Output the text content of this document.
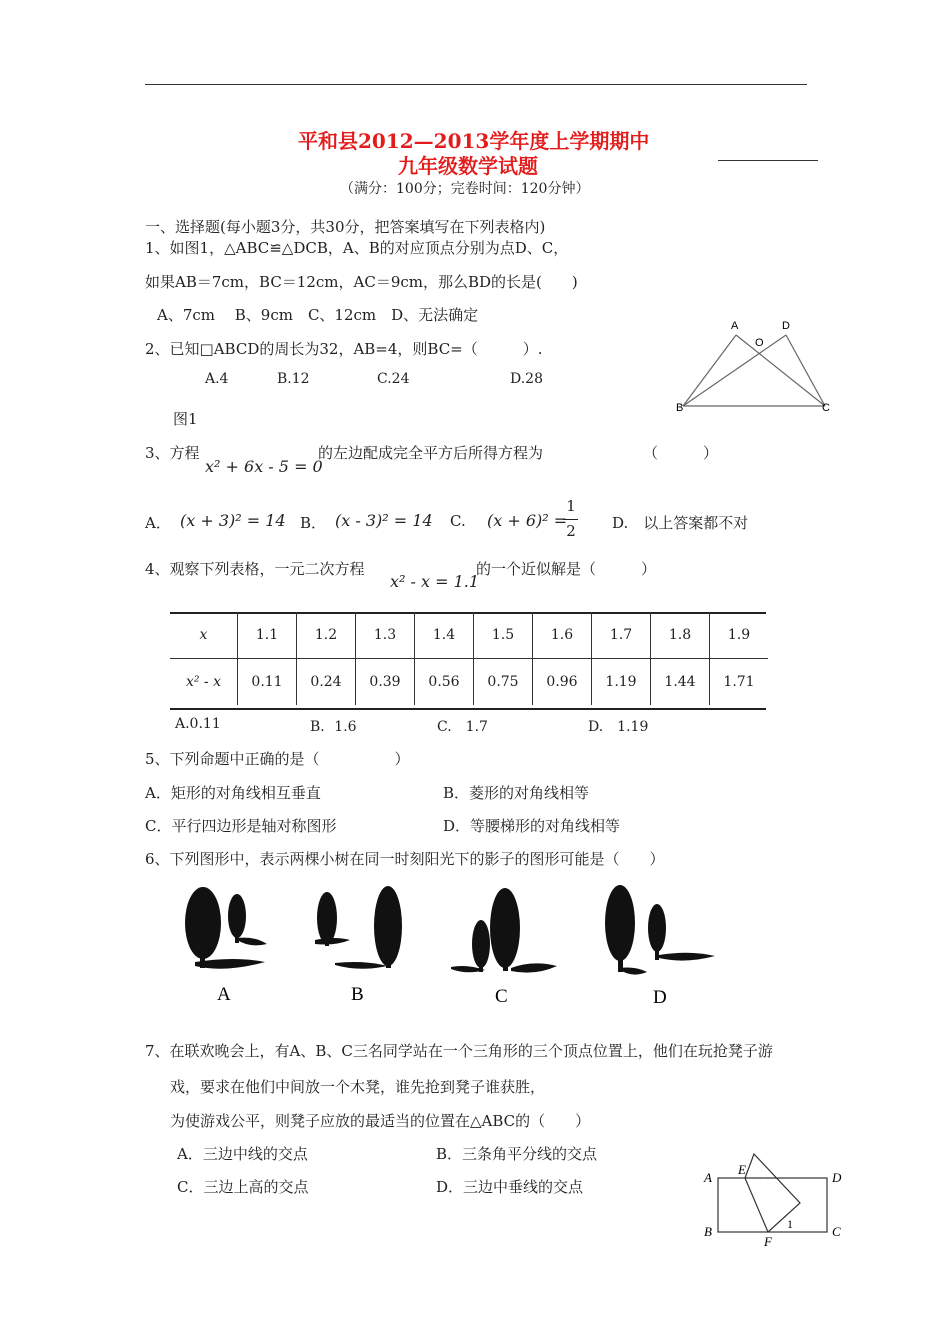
平和县2012—2013学年度上学期期中
九年级数学试题
（满分：100分；完卷时间：120分钟）
一、选择题(每小题3分，共30分，把答案填写在下列表格内)
1、如图1，△ABC≌△DCB，A、B的对应顶点分别为点D、C，
如果AB＝7cm，BC＝12cm，AC＝9cm，那么BD的长是(　　)
A、7cm　 B、9cm　C、12cm　D、无法确定
2、已知□ABCD的周长为32，AB=4，则BC=（　　　）.
A.4	B.12	C.24	D.28
图1
A	D
O
B	C
3、方程
x² + 6x - 5 = 0
的左边配成完全平方后所得方程为	（　　　）
A． (x + 3)² = 14 B． (x - 3)² = 14 C. (x + 6)² =
1
2 D.　以上答案都不对
4、观察下列表格，一元二次方程
x² - x = 1.1
的一个近似解是（　　　）
x	1.1	1.2	1.3	1.4	1.5	1.6	1.7	1.8	1.9
x² - x	0.11	0.24	0.39	0.56	0.75	0.96	1.19	1.44	1.71
A.0.11	B．1.6	C.　1.7	D.　1.19
5、下列命题中正确的是（　　　　　）
A．矩形的对角线相互垂直	B．菱形的对角线相等
C．平行四边形是轴对称图形	D．等腰梯形的对角线相等
6、下列图形中，表示两棵小树在同一时刻阳光下的影子的图形可能是（　　）
A	B	C	D
7、在联欢晚会上，有A、B、C三名同学站在一个三角形的三个顶点位置上，他们在玩抢凳子游
戏，要求在他们中间放一个木凳，谁先抢到凳子谁获胜，
为使游戏公平，则凳子应放的最适当的位置在△ABC的（　　）
A．三边中线的交点	B．三条角平分线的交点
C．三边上高的交点	D．三边中垂线的交点
A
E
D
B
F
C
1
